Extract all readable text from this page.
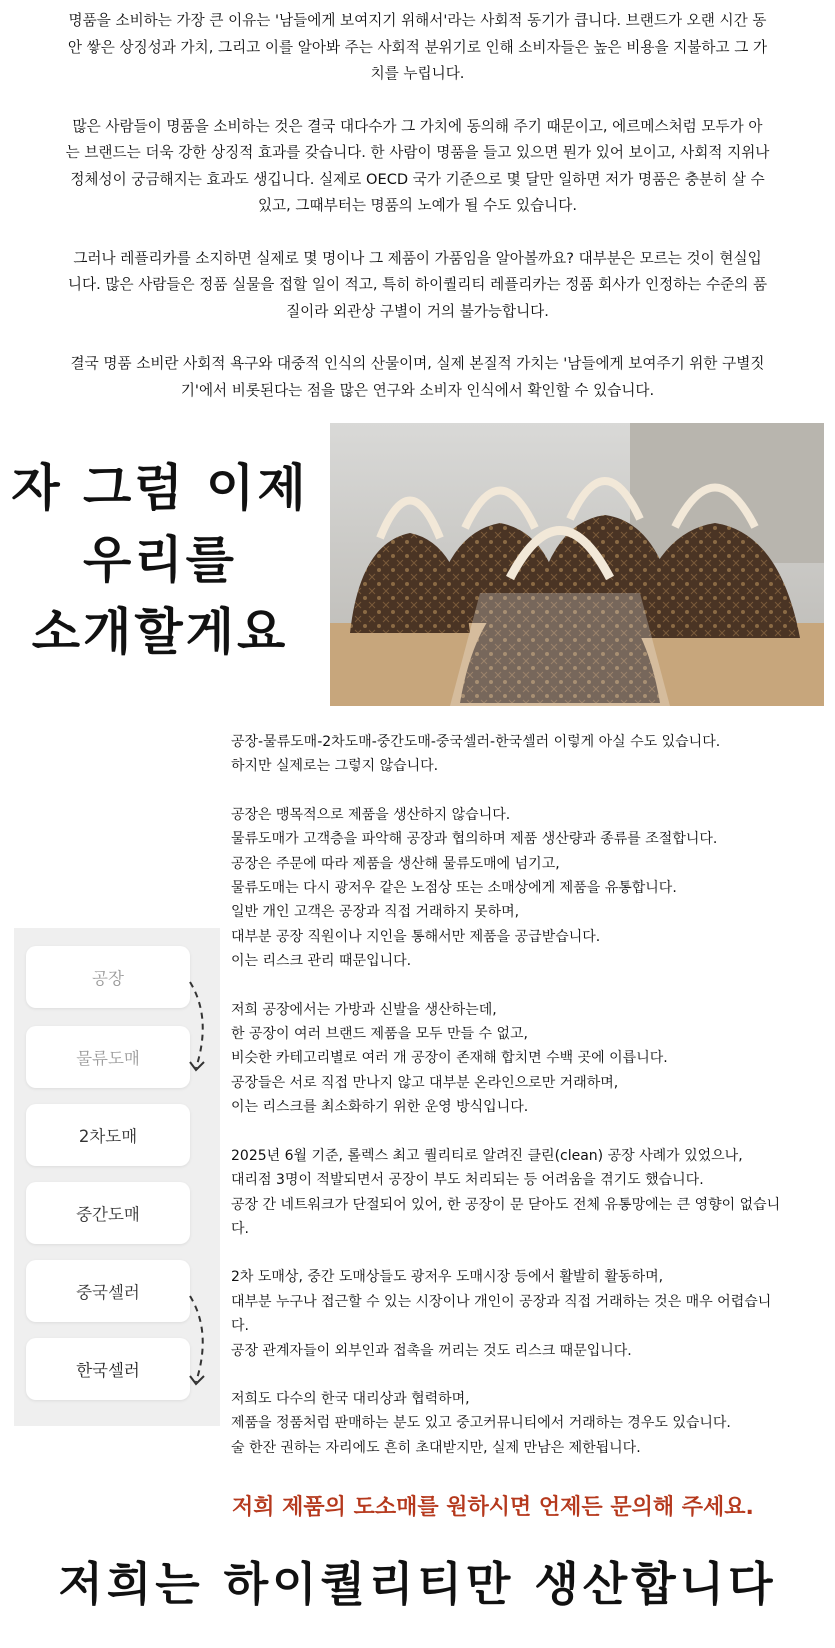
명품을 소비하는 가장 큰 이유는 '남들에게 보여지기 위해서'라는 사회적 동기가 큽니다. 브랜드가 오랜 시간 동
안 쌓은 상징성과 가치, 그리고 이를 알아봐 주는 사회적 분위기로 인해 소비자들은 높은 비용을 지불하고 그 가
치를 누립니다.

많은 사람들이 명품을 소비하는 것은 결국 대다수가 그 가치에 동의해 주기 때문이고, 에르메스처럼 모두가 아
는 브랜드는 더욱 강한 상징적 효과를 갖습니다. 한 사람이 명품을 들고 있으면 뭔가 있어 보이고, 사회적 지위나
정체성이 궁금해지는 효과도 생깁니다. 실제로 OECD 국가 기준으로 몇 달만 일하면 저가 명품은 충분히 살 수
있고, 그때부터는 명품의 노예가 될 수도 있습니다.

그러나 레플리카를 소지하면 실제로 몇 명이나 그 제품이 가품임을 알아볼까요? 대부분은 모르는 것이 현실입
니다. 많은 사람들은 정품 실물을 접할 일이 적고, 특히 하이퀄리티 레플리카는 정품 회사가 인정하는 수준의 품
질이라 외관상 구별이 거의 불가능합니다.

결국 명품 소비란 사회적 욕구와 대중적 인식의 산물이며, 실제 본질적 가치는 '남들에게 보여주기 위한 구별짓
기'에서 비롯된다는 점을 많은 연구와 소비자 인식에서 확인할 수 있습니다.

자 그럼 이제
우리를
소개할게요
공장
물류도매
2차도매
중간도매
중국셀러
한국셀러

공장-물류도매-2차도매-중간도매-중국셀러-한국셀러 이렇게 아실 수도 있습니다.
하지만 실제로는 그렇지 않습니다.

공장은 맹목적으로 제품을 생산하지 않습니다.
물류도매가 고객층을 파악해 공장과 협의하며 제품 생산량과 종류를 조절합니다.
공장은 주문에 따라 제품을 생산해 물류도매에 넘기고,
물류도매는 다시 광저우 같은 노점상 또는 소매상에게 제품을 유통합니다.
일반 개인 고객은 공장과 직접 거래하지 못하며,
대부분 공장 직원이나 지인을 통해서만 제품을 공급받습니다.
이는 리스크 관리 때문입니다.

저희 공장에서는 가방과 신발을 생산하는데,
한 공장이 여러 브랜드 제품을 모두 만들 수 없고,
비슷한 카테고리별로 여러 개 공장이 존재해 합치면 수백 곳에 이릅니다.
공장들은 서로 직접 만나지 않고 대부분 온라인으로만 거래하며,
이는 리스크를 최소화하기 위한 운영 방식입니다.

2025년 6월 기준, 롤렉스 최고 퀄리티로 알려진 클린(clean) 공장 사례가 있었으나,
대리점 3명이 적발되면서 공장이 부도 처리되는 등 어려움을 겪기도 했습니다.
공장 간 네트워크가 단절되어 있어, 한 공장이 문 닫아도 전체 유통망에는 큰 영향이 없습니
다.

2차 도매상, 중간 도매상들도 광저우 도매시장 등에서 활발히 활동하며,
대부분 누구나 접근할 수 있는 시장이나 개인이 공장과 직접 거래하는 것은 매우 어렵습니
다.
공장 관계자들이 외부인과 접촉을 꺼리는 것도 리스크 때문입니다.

저희도 다수의 한국 대리상과 협력하며,
제품을 정품처럼 판매하는 분도 있고 중고커뮤니티에서 거래하는 경우도 있습니다.
술 한잔 권하는 자리에도 흔히 초대받지만, 실제 만남은 제한됩니다.

저희 제품의 도소매를 원하시면 언제든 문의해 주세요.
저희는 하이퀄리티만 생산합니다
